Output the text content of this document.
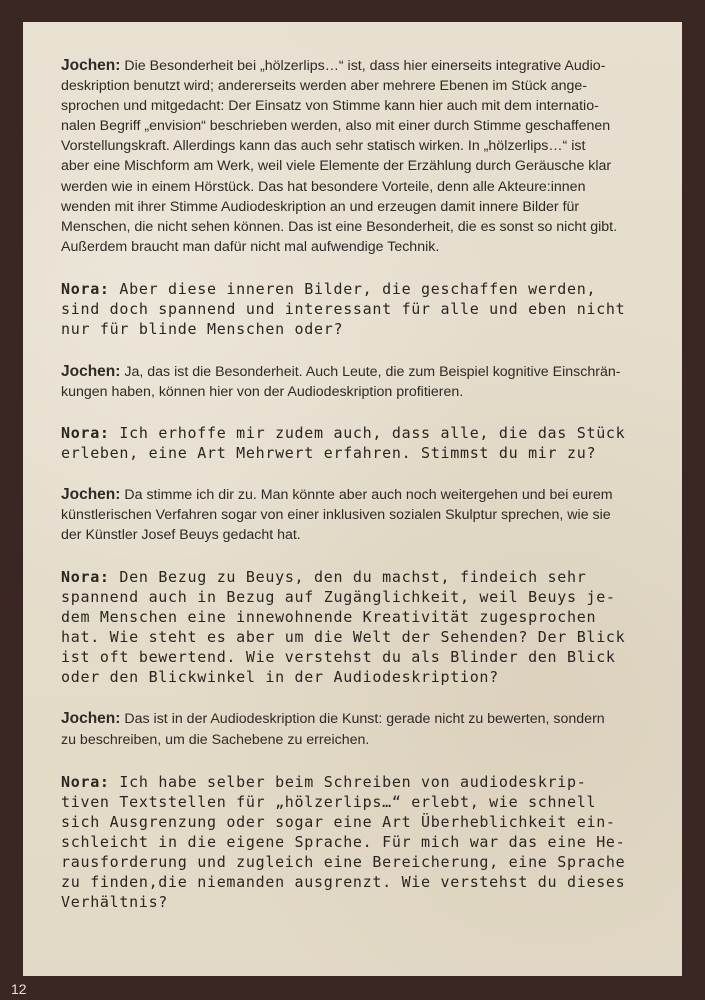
Jochen: Die Besonderheit bei „hölzerlips…“ ist, dass hier einerseits integrative Audio-
deskription benutzt wird; andererseits werden aber mehrere Ebenen im Stück ange-
sprochen und mitgedacht: Der Einsatz von Stimme kann hier auch mit dem internatio-
nalen Begriff „envision“ beschrieben werden, also mit einer durch Stimme geschaffenen
Vorstellungskraft. Allerdings kann das auch sehr statisch wirken. In „hölzerlips…“ ist
aber eine Mischform am Werk, weil viele Elemente der Erzählung durch Geräusche klar
werden wie in einem Hörstück. Das hat besondere Vorteile, denn alle Akteure:innen
wenden mit ihrer Stimme Audiodeskription an und erzeugen damit innere Bilder für
Menschen, die nicht sehen können. Das ist eine Besonderheit, die es sonst so nicht gibt.
Außerdem braucht man dafür nicht mal aufwendige Technik.

Nora: Aber diese inneren Bilder, die geschaffen werden,
sind doch spannend und interessant für alle und eben nicht
nur für blinde Menschen oder?

Jochen: Ja, das ist die Besonderheit. Auch Leute, die zum Beispiel kognitive Einschrän-
kungen haben, können hier von der Audiodeskription profitieren.

Nora: Ich erhoffe mir zudem auch, dass alle, die das Stück
erleben, eine Art Mehrwert erfahren. Stimmst du mir zu?

Jochen: Da stimme ich dir zu. Man könnte aber auch noch weitergehen und bei eurem
künstlerischen Verfahren sogar von einer inklusiven sozialen Skulptur sprechen, wie sie
der Künstler Josef Beuys gedacht hat.

Nora: Den Bezug zu Beuys, den du machst, findeich sehr
spannend auch in Bezug auf Zugänglichkeit, weil Beuys je-
dem Menschen eine innewohnende Kreativität zugesprochen
hat. Wie steht es aber um die Welt der Sehenden? Der Blick
ist oft bewertend. Wie verstehst du als Blinder den Blick
oder den Blickwinkel in der Audiodeskription?

Jochen: Das ist in der Audiodeskription die Kunst: gerade nicht zu bewerten, sondern
zu beschreiben, um die Sachebene zu erreichen.

Nora: Ich habe selber beim Schreiben von audiodeskrip-
tiven Textstellen für „hölzerlips…“ erlebt, wie schnell
sich Ausgrenzung oder sogar eine Art Überheblichkeit ein-
schleicht in die eigene Sprache. Für mich war das eine He-
rausforderung und zugleich eine Bereicherung, eine Sprache
zu finden,die niemanden ausgrenzt. Wie verstehst du dieses
Verhältnis?

12
